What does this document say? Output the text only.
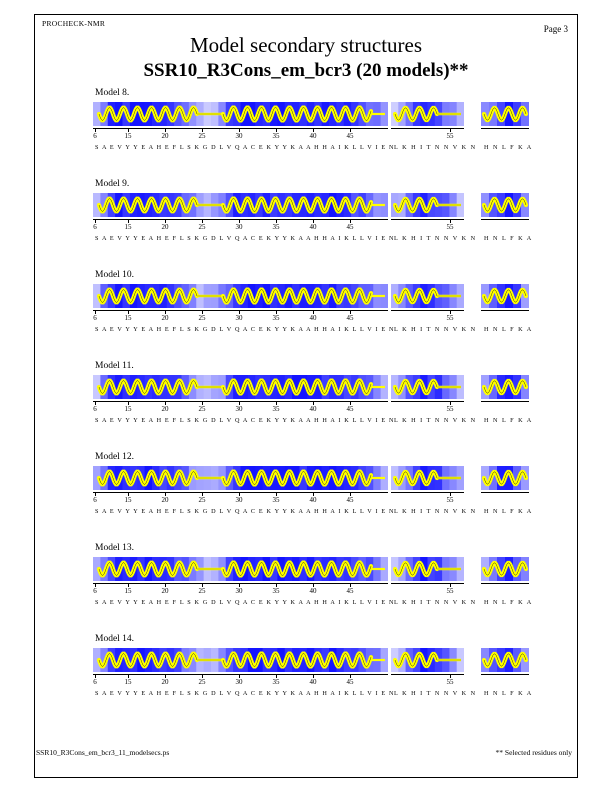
PROCHECK-NMR
Page 3
Model secondary structures
SSR10_R3Cons_em_bcr3 (20 models)**
Model 8.
6	15	20	25	30	35	40	45	55
S A E V Y Y E A H E F L S K G D L V Q A C E K Y Y K A A H H A I K L L V I E N L K H I T N N V K N H N L F K A
Model 9.
6	15	20	25	30	35	40	45	55
S A E V Y Y E A H E F L S K G D L V Q A C E K Y Y K A A H H A I K L L V I E N L K H I T N N V K N H N L F K A
Model 10.
6	15	20	25	30	35	40	45	55
S A E V Y Y E A H E F L S K G D L V Q A C E K Y Y K A A H H A I K L L V I E N L K H I T N N V K N H N L F K A
Model 11.
6	15	20	25	30	35	40	45	55
S A E V Y Y E A H E F L S K G D L V Q A C E K Y Y K A A H H A I K L L V I E N L K H I T N N V K N H N L F K A
Model 12.
6	15	20	25	30	35	40	45	55
S A E V Y Y E A H E F L S K G D L V Q A C E K Y Y K A A H H A I K L L V I E N L K H I T N N V K N H N L F K A
Model 13.
6	15	20	25	30	35	40	45	55
S A E V Y Y E A H E F L S K G D L V Q A C E K Y Y K A A H H A I K L L V I E N L K H I T N N V K N H N L F K A
Model 14.
6	15	20	25	30	35	40	45	55
S A E V Y Y E A H E F L S K G D L V Q A C E K Y Y K A A H H A I K L L V I E N L K H I T N N V K N H N L F K A
SSR10_R3Cons_em_bcr3_11_modelsecs.ps	** Selected residues only
